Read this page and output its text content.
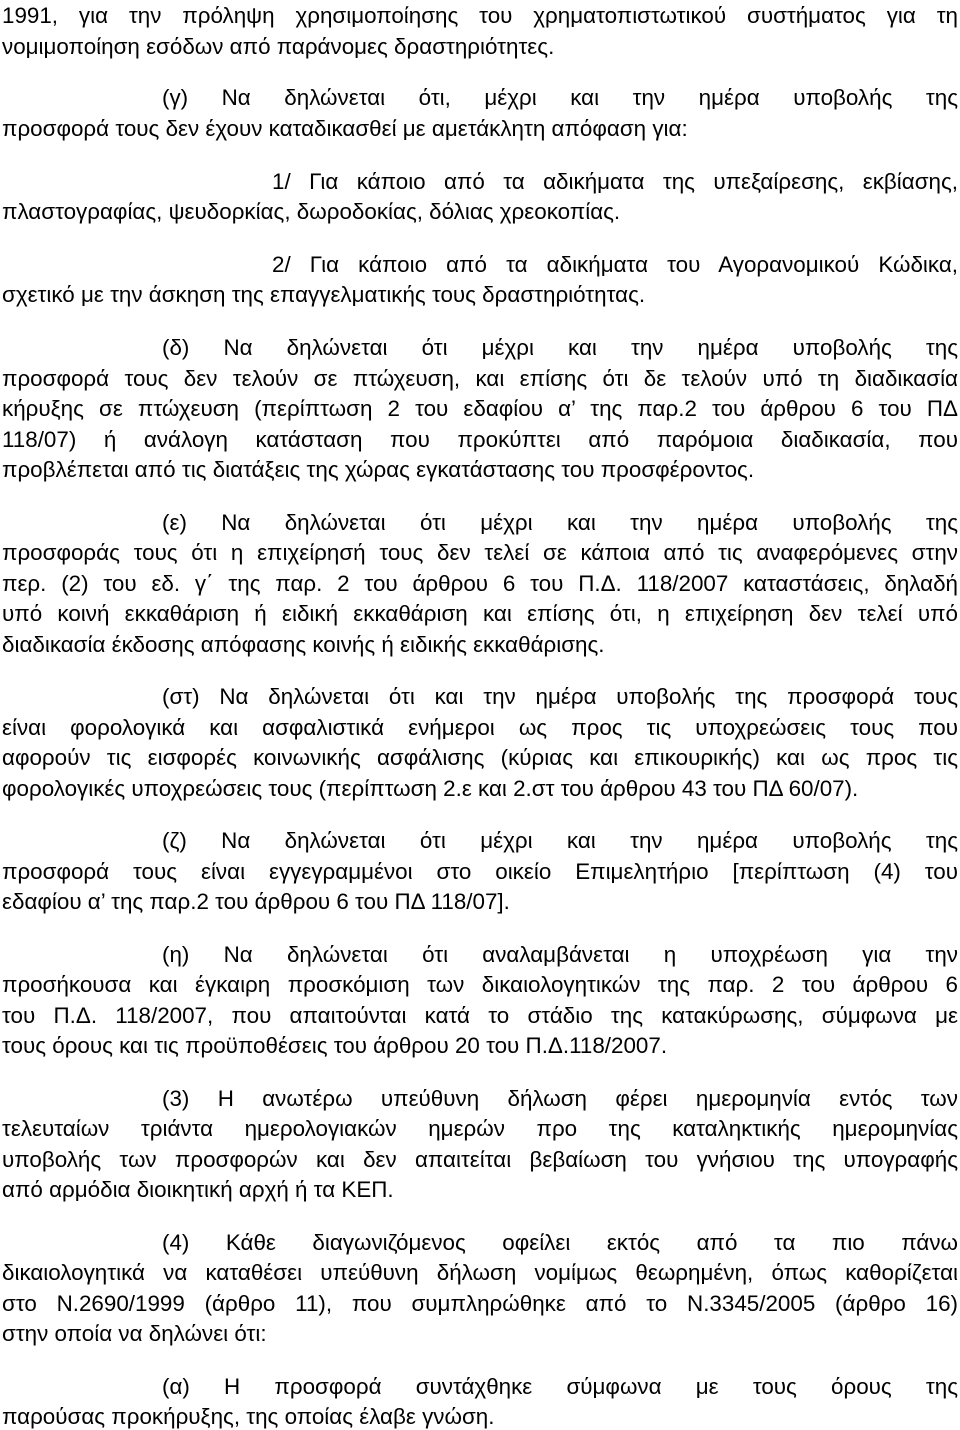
1991, για την πρόληψη χρησιμοποίησης του χρηματοπιστωτικού συστήματος για τη

νομιμοποίηση εσόδων από παράνομες δραστηριότητες.

(γ) Να δηλώνεται ότι, μέχρι και την ημέρα υποβολής της

προσφορά τους δεν έχουν καταδικασθεί με αμετάκλητη απόφαση για:

1/ Για κάποιο από τα αδικήματα της υπεξαίρεσης, εκβίασης,

πλαστογραφίας, ψευδορκίας, δωροδοκίας, δόλιας χρεοκοπίας.

2/ Για κάποιο από τα αδικήματα του Αγορανομικού Κώδικα,

σχετικό με την άσκηση της επαγγελματικής τους δραστηριότητας.

(δ) Να δηλώνεται ότι μέχρι και την ημέρα υποβολής της

προσφορά τους δεν τελούν σε πτώχευση, και επίσης ότι δε τελούν υπό τη διαδικασία

κήρυξης σε πτώχευση (περίπτωση 2 του εδαφίου α’ της παρ.2 του άρθρου 6 του ΠΔ

118/07) ή ανάλογη κατάσταση που προκύπτει από παρόμοια διαδικασία, που

προβλέπεται από τις διατάξεις της χώρας εγκατάστασης του προσφέροντος.

(ε) Να δηλώνεται ότι μέχρι και την ημέρα υποβολής της

προσφοράς τους ότι η επιχείρησή τους δεν τελεί σε κάποια από τις αναφερόμενες στην

περ. (2) του εδ. γ΄ της παρ. 2 του άρθρου 6 του Π.Δ. 118/2007 καταστάσεις, δηλαδή

υπό κοινή εκκαθάριση ή ειδική εκκαθάριση και επίσης ότι, η επιχείρηση δεν τελεί υπό

διαδικασία έκδοσης απόφασης κοινής ή ειδικής εκκαθάρισης.

(στ) Να δηλώνεται ότι και την ημέρα υποβολής της προσφορά τους

είναι φορολογικά και ασφαλιστικά ενήμεροι ως προς τις υποχρεώσεις τους που

αφορούν τις εισφορές κοινωνικής ασφάλισης (κύριας και επικουρικής) και ως προς τις

φορολογικές υποχρεώσεις τους (περίπτωση 2.ε και 2.στ του άρθρου 43 του ΠΔ 60/07).

(ζ) Να δηλώνεται ότι μέχρι και την ημέρα υποβολής της

προσφορά τους είναι εγγεγραμμένοι στο οικείο Επιμελητήριο [περίπτωση (4) του

εδαφίου α’ της παρ.2 του άρθρου 6 του ΠΔ 118/07].

(η) Να δηλώνεται ότι αναλαμβάνεται η υποχρέωση για την

προσήκουσα και έγκαιρη προσκόμιση των δικαιολογητικών της παρ. 2 του άρθρου 6

του Π.Δ. 118/2007, που απαιτούνται κατά το στάδιο της κατακύρωσης, σύμφωνα με

τους όρους και τις προϋποθέσεις του άρθρου 20 του Π.Δ.118/2007.

(3) Η ανωτέρω υπεύθυνη δήλωση φέρει ημερομηνία εντός των

τελευταίων τριάντα ημερολογιακών ημερών προ της καταληκτικής ημερομηνίας

υποβολής των προσφορών και δεν απαιτείται βεβαίωση του γνήσιου της υπογραφής

από αρμόδια διοικητική αρχή ή τα ΚΕΠ.

(4) Κάθε διαγωνιζόμενος οφείλει εκτός από τα πιο πάνω

δικαιολογητικά να καταθέσει υπεύθυνη δήλωση νομίμως θεωρημένη, όπως καθορίζεται

στο Ν.2690/1999 (άρθρο 11), που συμπληρώθηκε από το Ν.3345/2005 (άρθρο 16)

στην οποία να δηλώνει ότι:

(α) Η προσφορά συντάχθηκε σύμφωνα με τους όρους της

παρούσας προκήρυξης, της οποίας έλαβε γνώση.
